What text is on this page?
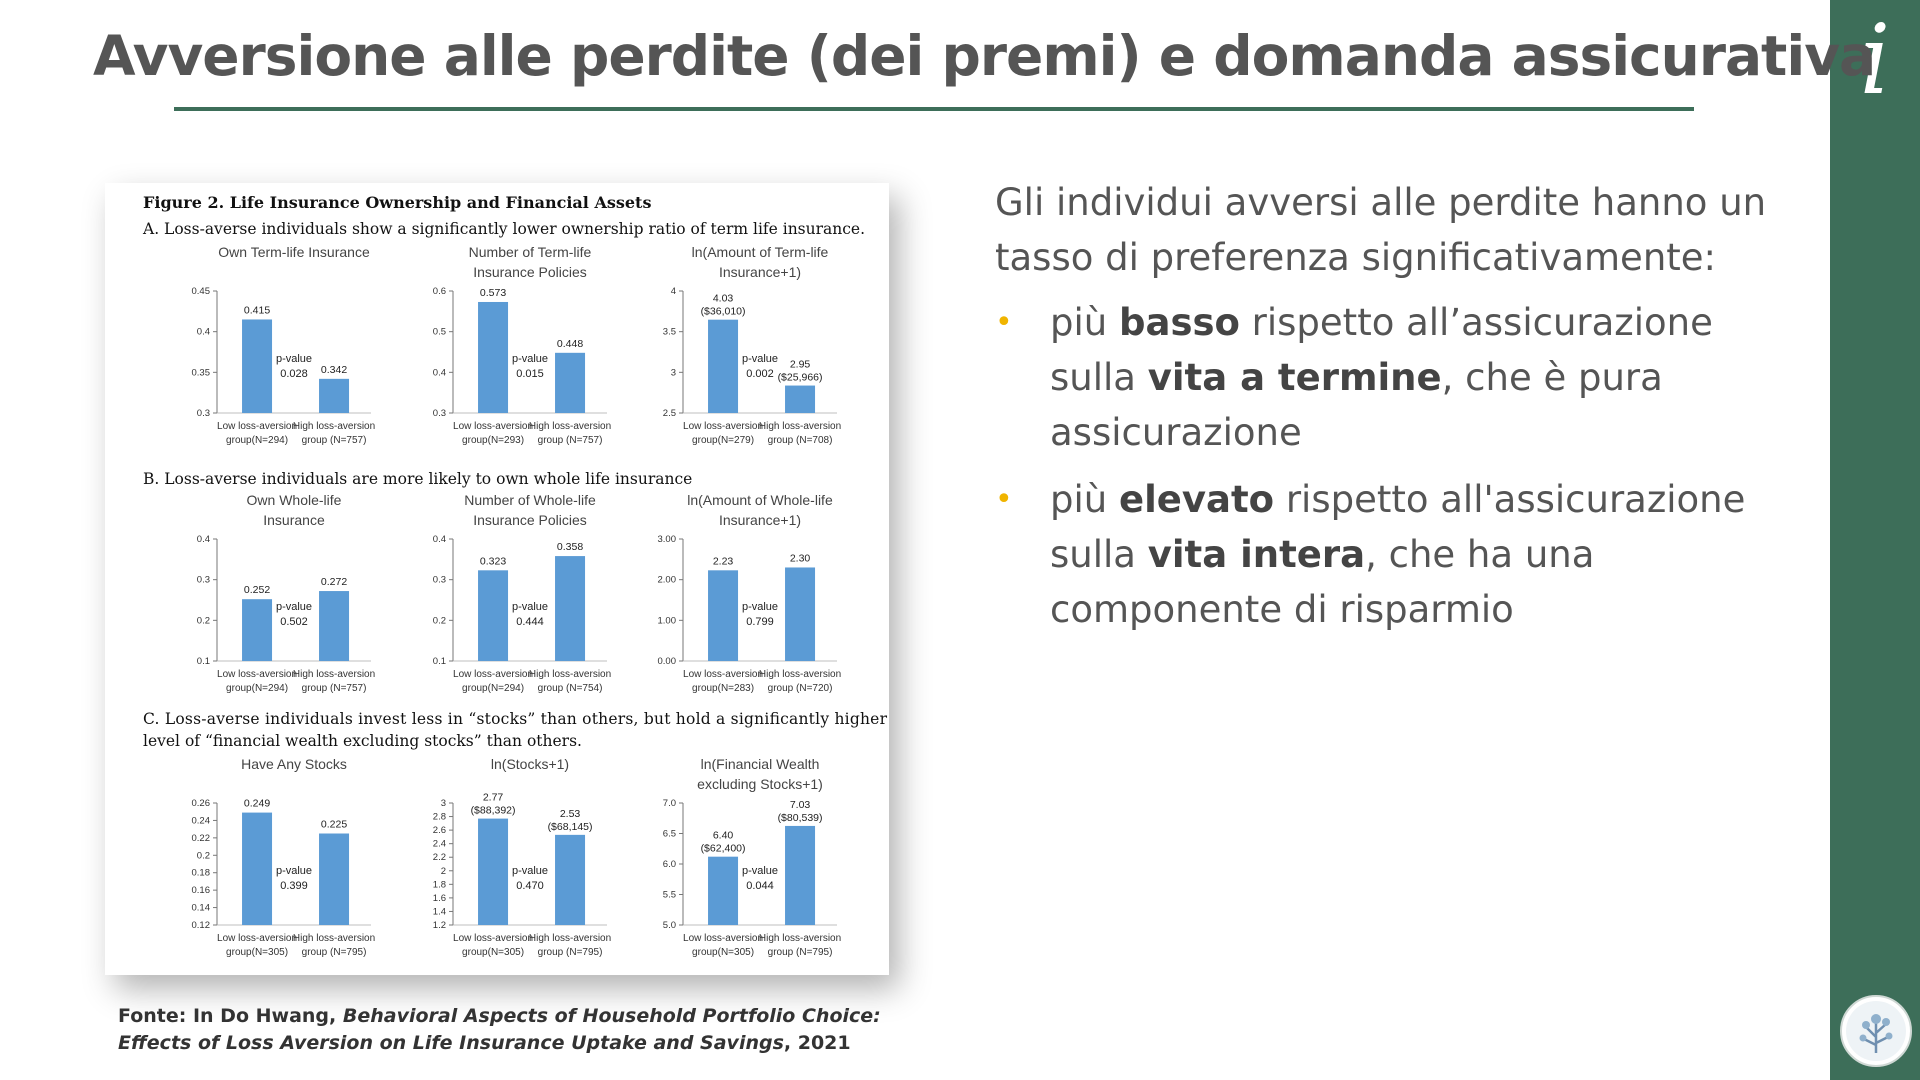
i
Avversione alle perdite (dei premi) e domanda assicurativa
Figure 2. Life Insurance Ownership and Financial Assets
A. Loss-averse individuals show a significantly lower ownership ratio of term life insurance.
B. Loss-averse individuals are more likely to own whole life insurance
C. Loss-averse individuals invest less in “stocks” than others, but hold a significantly higher
level of “financial wealth excluding stocks” than others.
Own Term-life Insurance
0.3
0.35
0.4
0.45
0.415
Low loss-aversion
group(N=294)
0.342
High loss-aversion
group (N=757)
p-value
0.028
Number of Term-life
Insurance Policies
0.3
0.4
0.5
0.6	0.573
Low loss-aversion
group(N=293)
0.448
High loss-aversion
group (N=757)
p-value
0.015
ln(Amount of Term-life
Insurance+1)
2.5
3
3.5
4
4.03
($36,010)
Low loss-aversion
group(N=279)
2.95
($25,966)
High loss-aversion
group (N=708)
p-value
0.002
Own Whole-life
Insurance
0.1
0.2
0.3
0.4
0.252
Low loss-aversion
group(N=294)
0.272
High loss-aversion
group (N=757)
p-value
0.502
Number of Whole-life
Insurance Policies
0.1
0.2
0.3
0.4
0.323
Low loss-aversion
group(N=294)
0.358
High loss-aversion
group (N=754)
p-value
0.444
ln(Amount of Whole-life
Insurance+1)
0.00
1.00
2.00
3.00
2.23
Low loss-aversion
group(N=283)
2.30
High loss-aversion
group (N=720)
p-value
0.799
Have Any Stocks
0.12
0.14
0.16
0.18
0.2
0.22
0.24
0.26	0.249
Low loss-aversion
group(N=305)
0.225
High loss-aversion
group (N=795)
p-value
0.399
ln(Stocks+1)
1.2
1.4
1.6
1.8
2
2.2
2.4
2.6
2.8
3	2.77
($88,392)
Low loss-aversion
group(N=305)
2.53
($68,145)
High loss-aversion
group (N=795)
p-value
0.470
ln(Financial Wealth
excluding Stocks+1)
5.0
5.5
6.0
6.5
7.0
6.40
($62,400)
Low loss-aversion
group(N=305)
7.03
($80,539)
High loss-aversion
group (N=795)
p-value
0.044
Fonte: In Do Hwang, Behavioral Aspects of Household Portfolio Choice:
Effects of Loss Aversion on Life Insurance Uptake and Savings, 2021

Gli individui avversi alle perdite hanno un tasso di preferenza significativamente:

• più basso rispetto all’assicurazione sulla vita a termine, che è pura assicurazione
• più elevato rispetto all'assicurazione sulla vita intera, che ha una componente di risparmio
